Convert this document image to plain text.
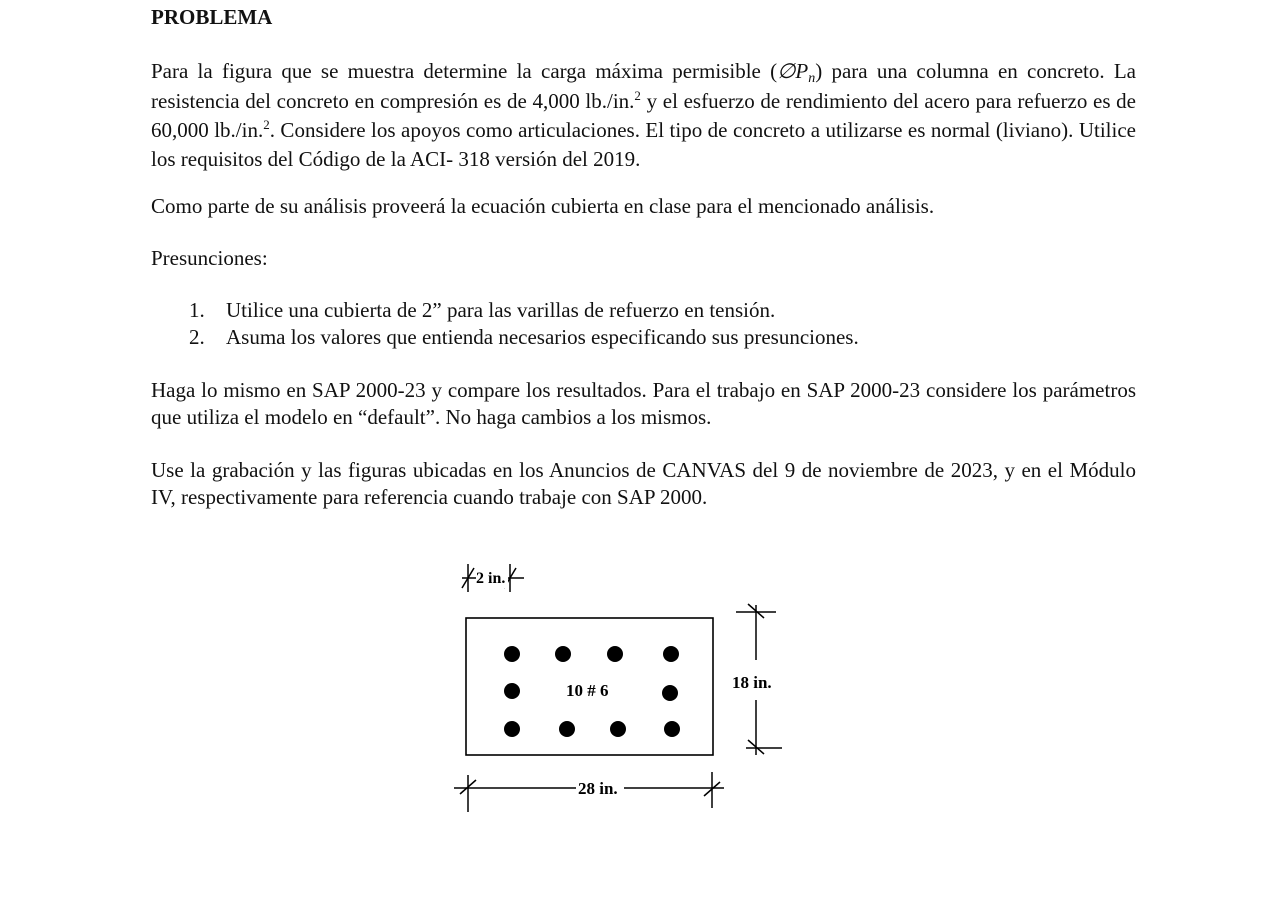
PROBLEMA
Para la figura que se muestra determine la carga máxima permisible (∅Pn) para una columna en concreto. La resistencia del concreto en compresión es de 4,000 lb./in.$^2$ y el esfuerzo de rendimiento del acero para refuerzo es de 60,000 lb./in.$^2$. Considere los apoyos como articulaciones. El tipo de concreto a utilizarse es normal (liviano). Utilice los requisitos del Código de la ACI- 318 versión del 2019.
Como parte de su análisis proveerá la ecuación cubierta en clase para el mencionado análisis.
Presunciones:
1.	Utilice una cubierta de 2” para las varillas de refuerzo en tensión.
2.	Asuma los valores que entienda necesarios especificando sus presunciones.
Haga lo mismo en SAP 2000-23 y compare los resultados. Para el trabajo en SAP 2000-23 considere los parámetros que utiliza el modelo en “default”. No haga cambios a los mismos.
Use la grabación y las figuras ubicadas en los Anuncios de CANVAS del 9 de noviembre de 2023, y en el Módulo IV, respectivamente para referencia cuando trabaje con SAP 2000.
2 in.
10 # 6	18 in.
28 in.
